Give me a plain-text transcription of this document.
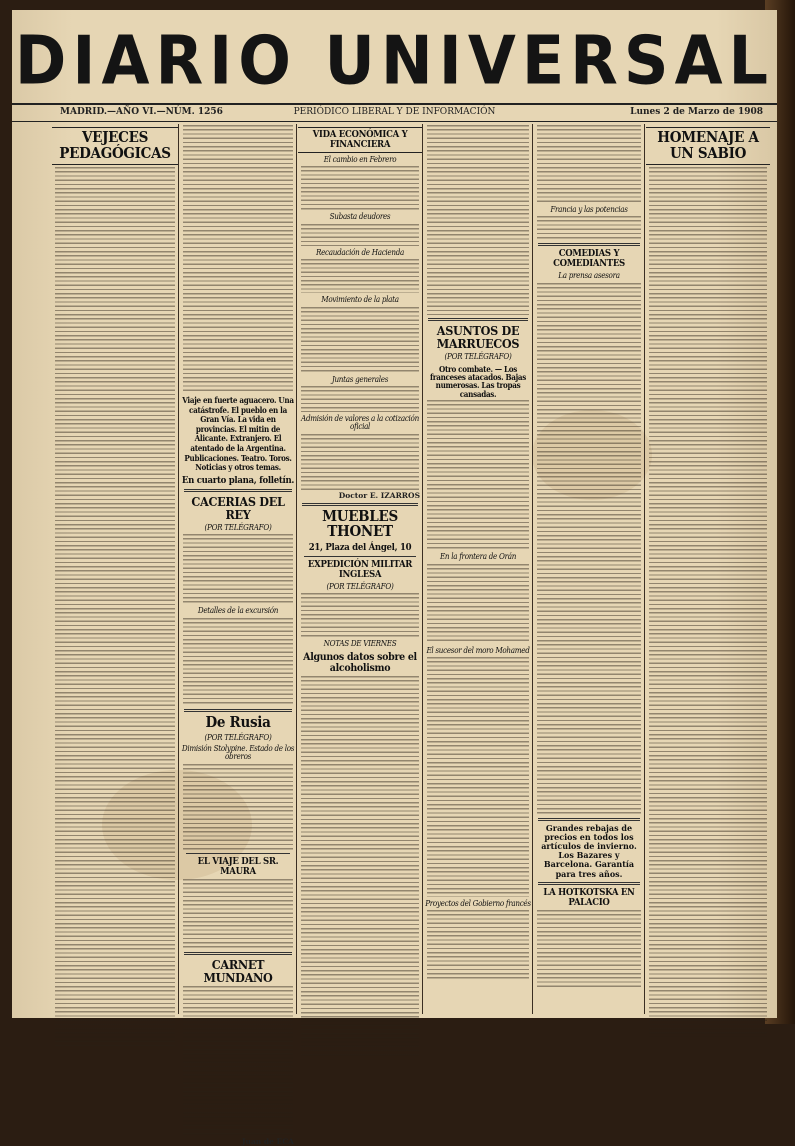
DIARIO UNIVERSAL
MADRID.—AÑO VI.—NÚM. 1256	PERIÓDICO LIBERAL Y DE INFORMACIÓN	Lunes 2 de Marzo de 1908
VEJECES PEDAGÓGICAS
Viaje en fuerte aguacero. Una catástrofe. El pueblo en la Gran Vía. La vida en provincias. El mitin de Alicante. Extranjero. El atentado de la Argentina. Publicaciones. Teatro. Toros. Noticias y otros temas.
En cuarto plana, folletín.
CACERIAS DEL REY
(POR TELÉGRAFO)
Detalles de la excursión
De Rusia
(POR TELÉGRAFO)
Dimisión Stolypine. Estado de los obreros
EL VIAJE DEL SR. MAURA
CARNET MUNDANO
Juan de ECA
VIDA ECONÓMICA Y FINANCIERA
El cambio en Febrero
Subasta deudores
Recaudación de Hacienda
Movimiento de la plata
Juntas generales
Admisión de valores a la cotización oficial
Doctor E. IZARROS
MUEBLES THONET
21, Plaza del Ángel, 10
EXPEDICIÓN MILITAR INGLESA
(POR TELÉGRAFO)
NOTAS DE VIERNES
Algunos datos sobre el alcoholismo
ASUNTOS DE MARRUECOS
(POR TELÉGRAFO)
Otro combate. — Los franceses atacados. Bajas numerosas. Las tropas cansadas.
En la frontera de Orán
El sucesor del moro Mohamed
Proyectos del Gobierno francés
Francia y las potencias
COMEDIAS Y COMEDIANTES
La prensa asesora
Grandes rebajas de precios en todos los artículos de invierno. Los Bazares y Barcelona. Garantía para tres años.
LA HOTKOTSKA EN PALACIO
HOMENAJE A UN SABIO
